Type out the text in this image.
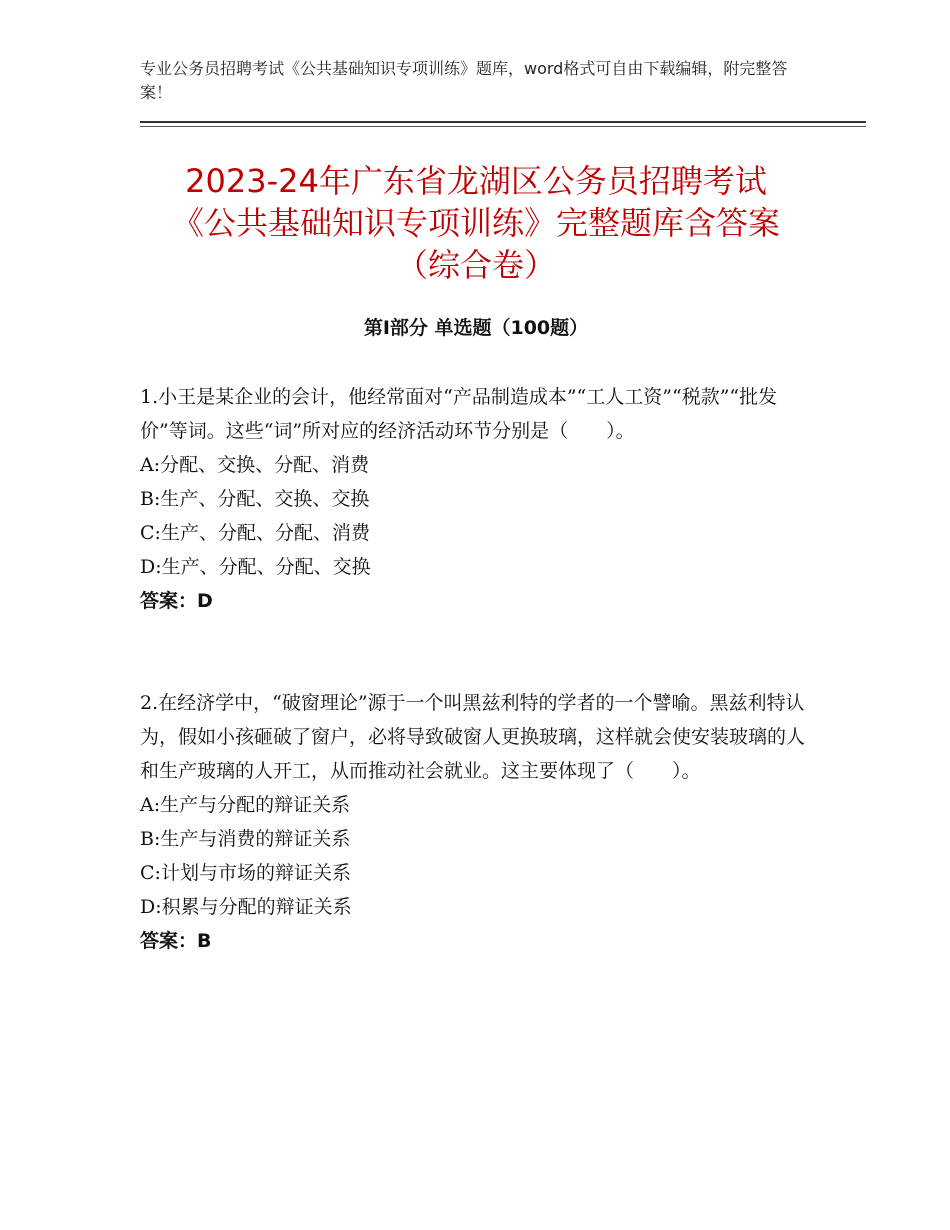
专业公务员招聘考试《公共基础知识专项训练》题库，word格式可自由下载编辑，附完整答案！
2023-24年广东省龙湖区公务员招聘考试
《公共基础知识专项训练》完整题库含答案
（综合卷）
第Ⅰ部分 单选题（100题）

1.小王是某企业的会计，他经常面对“产品制造成本”“工人工资”“税款”“批发价”等词。这些“词”所对应的经济活动环节分别是（　　）。

A:分配、交换、分配、消费
B:生产、分配、交换、交换
C:生产、分配、分配、消费
D:生产、分配、分配、交换
答案：D

2.在经济学中，“破窗理论”源于一个叫黑兹利特的学者的一个譬喻。黑兹利特认为，假如小孩砸破了窗户，必将导致破窗人更换玻璃，这样就会使安装玻璃的人和生产玻璃的人开工，从而推动社会就业。这主要体现了（　　）。

A:生产与分配的辩证关系
B:生产与消费的辩证关系
C:计划与市场的辩证关系
D:积累与分配的辩证关系
答案：B
